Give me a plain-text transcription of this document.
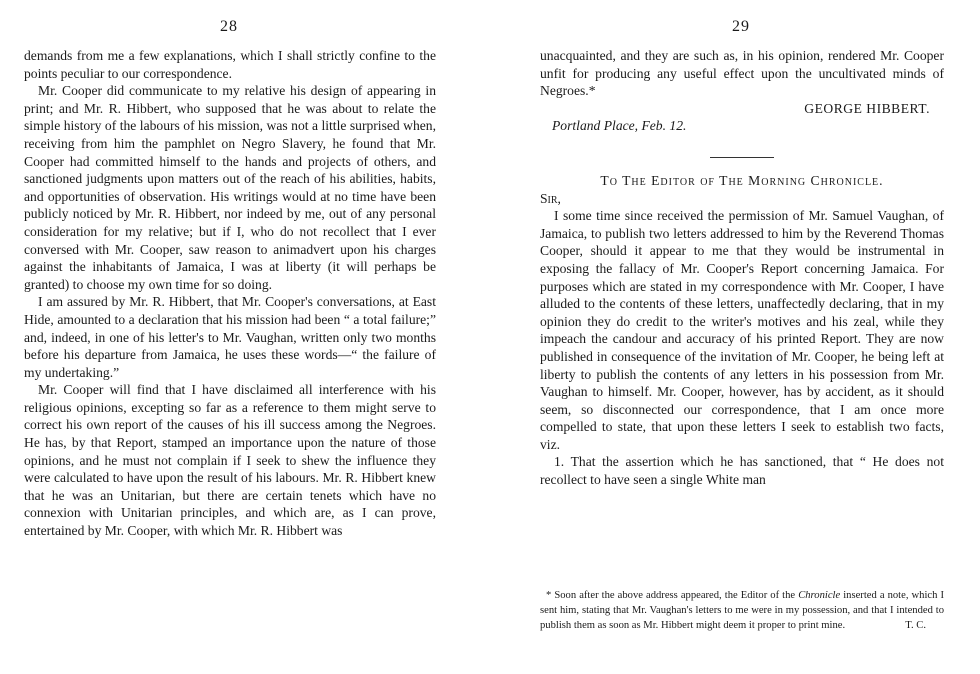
28

demands from me a few explanations, which I shall strictly confine to the points peculiar to our correspondence.

Mr. Cooper did communicate to my relative his design of appearing in print; and Mr. R. Hibbert, who supposed that he was about to relate the simple history of the labours of his mission, was not a little surprised when, receiving from him the pamphlet on Negro Slavery, he found that Mr. Cooper had committed himself to the hands and projects of others, and sanctioned judgments upon matters out of the reach of his abilities, habits, and opportunities of observation. His writings would at no time have been publicly noticed by Mr. R. Hibbert, nor indeed by me, out of any personal consideration for my relative; but if I, who do not recollect that I ever conversed with Mr. Cooper, saw reason to animadvert upon his charges against the inhabitants of Jamaica, I was at liberty (it will perhaps be granted) to choose my own time for so doing.

I am assured by Mr. R. Hibbert, that Mr. Cooper's conversations, at East Hide, amounted to a declaration that his mission had been “ a total failure;” and, indeed, in one of his letter's to Mr. Vaughan, written only two months before his departure from Jamaica, he uses these words—“ the failure of my undertaking.”

Mr. Cooper will find that I have disclaimed all interference with his religious opinions, excepting so far as a reference to them might serve to correct his own report of the causes of his ill success among the Negroes. He has, by that Report, stamped an importance upon the nature of those opinions, and he must not complain if I seek to shew the influence they were calculated to have upon the result of his labours. Mr. R. Hibbert knew that he was an Unitarian, but there are certain tenets which have no connexion with Unitarian principles, and which are, as I can prove, entertained by Mr. Cooper, with which Mr. R. Hibbert was

29

unacquainted, and they are such as, in his opinion, rendered Mr. Cooper unfit for producing any useful effect upon the uncultivated minds of Negroes.*

GEORGE HIBBERT.

Portland Place, Feb. 12.

To The Editor of The Morning Chronicle.

Sir,

I some time since received the permission of Mr. Samuel Vaughan, of Jamaica, to publish two letters addressed to him by the Reverend Thomas Cooper, should it appear to me that they would be instrumental in exposing the fallacy of Mr. Cooper's Report concerning Jamaica. For purposes which are stated in my correspondence with Mr. Cooper, I have alluded to the contents of these letters, unaffectedly declaring, that in my opinion they do credit to the writer's motives and his zeal, while they impeach the candour and accuracy of his printed Report. They are now published in consequence of the invitation of Mr. Cooper, he being left at liberty to publish the contents of any letters in his possession from Mr. Vaughan to himself. Mr. Cooper, however, has by accident, as it should seem, so disconnected our correspondence, that I am once more compelled to state, that upon these letters I seek to establish two facts, viz.

1. That the assertion which he has sanctioned, that “ He does not recollect to have seen a single White man

* Soon after the above address appeared, the Editor of the Chronicle inserted a note, which I sent him, stating that Mr. Vaughan's letters to me were in my possession, and that I intended to publish them as soon as Mr. Hibbert might deem it proper to print mine.	T. C.
